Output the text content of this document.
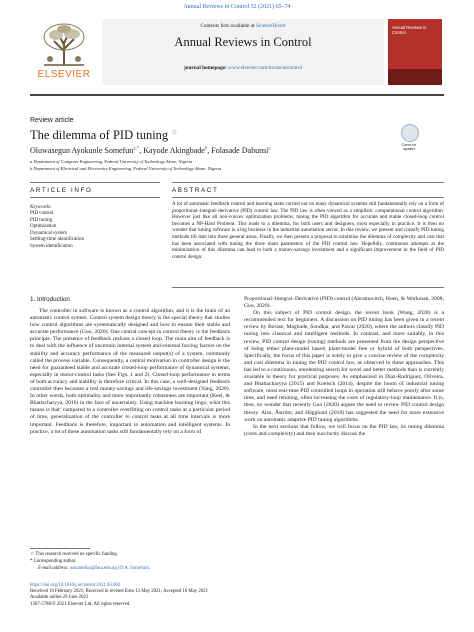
Annual Reviews in Control 52 (2021) 65–74
ELSEVIER
Contents lists available at ScienceDirect
Annual Reviews in Control
journal homepage: www.elsevier.com/locate/arcontrol
Annual Reviews in Control
Review article
The dilemma of PID tuning ☆
Check for updates
Oluwasegun Ayokunle Somefun$^{a,*}$, Kayode Akingbade$^b$, Folasade Dahunsi$^a$
a Department of Computer Engineering, Federal University of Technology Akure, Nigeria
b Department of Electrical and Electronics Engineering, Federal University of Technology Akure, Nigeria
ARTICLE INFO	ABSTRACT
Keywords:
PID control
PID tuning
Optimization
Dynamical system
Settling-time identification
System identification
A lot of automatic feedback control and learning tasks carried out on many dynamical systems still fundamentally rely on a form of proportional–integral–derivative (PID) control law. The PID law is often viewed as a simplistic computational control algorithm. However just like all non-convex optimization problems, tuning the PID algorithm for accurate and stable closed-loop control becomes a NP-Hard Problem. This leads to a dilemma, for both users and designers, most especially in practice. It is then no wonder that tuning software is a big business in the industrial automation sector. In this review, we present and classify PID tuning methods till date into three general areas. Finally, we then present a proposal to minimize the dilemma of complexity and cost that has been associated with tuning the three main parameters of the PID control law. Hopefully, continuous attempts at the minimization of this dilemma can lead to both a money-savings investment and a significant improvement in the field of PID control design.
1. Introduction

The controller in software is known as a control algorithm, and it is the brain of an automatic control system. Control system design theory is the special theory that studies how control algorithms are systematically designed and how to ensure their stable and accurate performance (Guo, 2020). One central concept in control theory is the feedback principle. The presence of feedback realizes a closed loop. The main aim of feedback is to deal with the influence of uncertain internal system and external forcing factors on the stability and accuracy performance of the measured output(s) of a system, commonly called the process variable. Consequently, a central motivation in controller design is the need for guaranteed stable and accurate closed-loop performance of dynamical systems, especially in motor-control tasks (See Figs. 1 and 2). Closed-loop performance in terms of both accuracy and stability is therefore critical. In this case, a well-designed feedback controller then becomes a real money-savings and life-savings investment (Yang, 2020). In other words, both optimality and more importantly robustness are important (Keel, & Bhattacharyya, 2016) in the face of uncertainty. Using machine learning lingo, what this means is that: compared to a controller overfitting on control tasks at a particular period of time, generalization of the controller to control tasks at all time intervals is more important. Feedback is therefore, important in automation and intelligent systems. In practice, a lot of these automation tasks still fundamentally rely on a form of

Proportional–Integral–Derivative (PID) control (Abramovitch, Hoen, & Workman, 2008; Guo, 2020).

On this subject of PID control design, the recent book (Wang, 2020) is a recommended text for beginners. A discussion on PID tuning has been given in a recent review by Borase, Maghade, Sondkar, and Pawar (2020), where the authors classify PID tuning into classical and intelligent methods. In contrast, and more suitably, in this review, PID control design (tuning) methods are presented from the design perspective of being either plant-model based, plant-model free or hybrid of both perspectives. Specifically, the focus of this paper is solely to give a concise review of the complexity and cost dilemma in tuning the PID control law, as observed in these approaches. This has led to a continuous, unrelenting search for novel and better methods than is currently available in theory for practical purposes. As emphasized in Díaz-Rodríguez, Oliveira, and Bhattacharyya (2015) and Koelsch (2014), despite the boom of industrial tuning software, most real-time PID controlled loops in operation still behave poorly after some time, and need retuning, often increasing the costs of regulatory-loop maintenance. It is, then, no wonder that recently Guo (2020) argues the need to review PID control design theory. Also, Åström, and Hägglund (2018) has suggested the need for more extensive work on automatic adaptive PID tuning algorithms.

In the next sections that follow, we will focus on the PID law, its tuning dilemma (costs and complexity) and then succinctly discuss the

☆ This research received no specific funding.
* Corresponding author.
E-mail address: oasomefun@futa.edu.ng (O.A. Somefun).
https://doi.org/10.1016/j.arcontrol.2021.05.002
Received 16 February 2021; Received in revised form 13 May 2021; Accepted 16 May 2021
Available online 29 June 2021
1367-5788/© 2021 Elsevier Ltd. All rights reserved.
